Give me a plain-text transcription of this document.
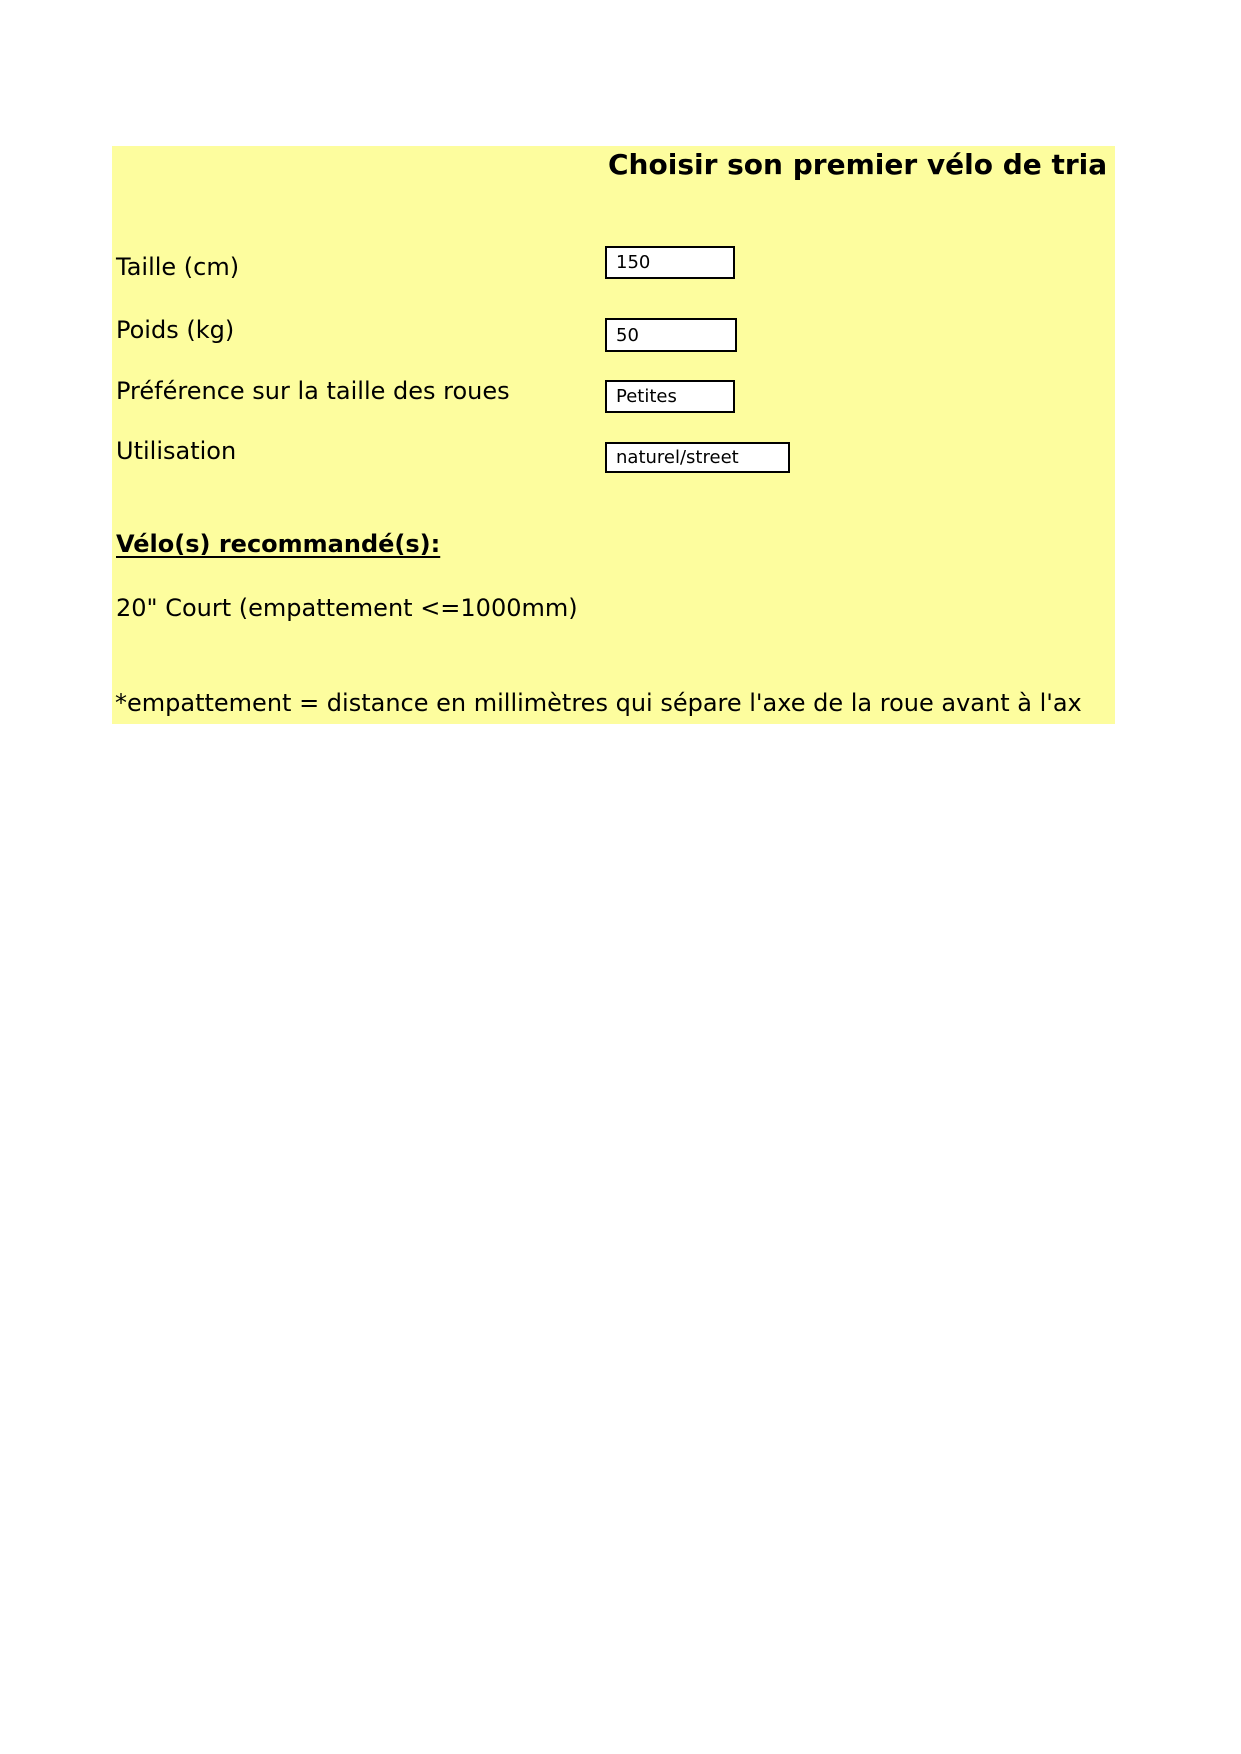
Choisir son premier vélo de tria
Taille (cm)
150
Poids (kg)
50
Préférence sur la taille des roues
Petites
Utilisation
naturel/street
Vélo(s) recommandé(s):
20" Court (empattement <=1000mm)
*empattement = distance en millimètres qui sépare l'axe de la roue avant à l'ax
